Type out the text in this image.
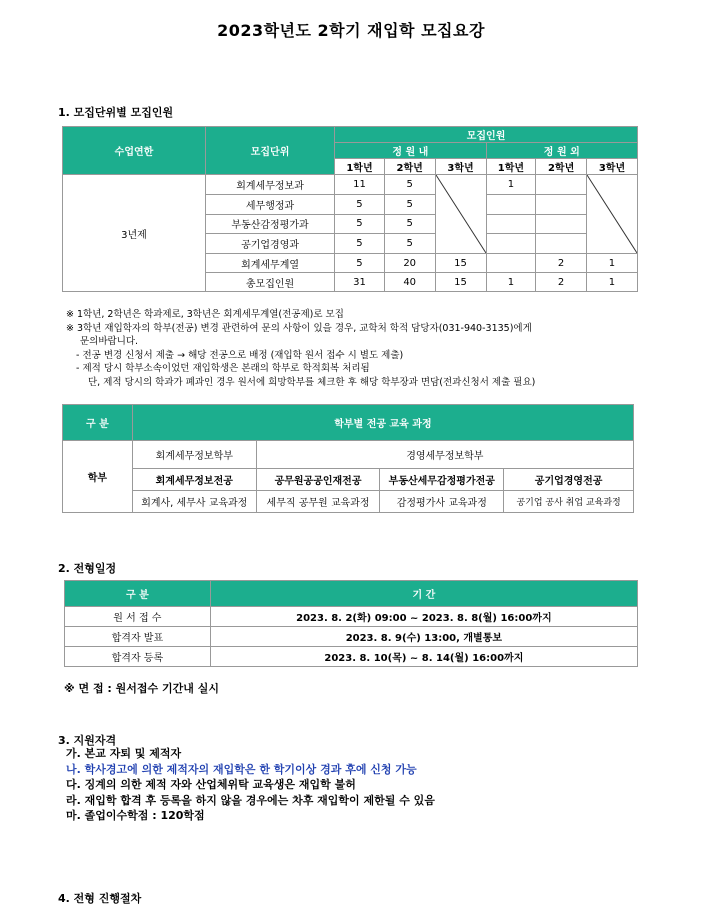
2023학년도 2학기 재입학 모집요강
1. 모집단위별 모집인원
수업연한	모집단위	모집인원					
		정 원 내			정 원 외		
		1학년	2학년	3학년	1학년	2학년	3학년
3년제	회계세무정보과	11	5		1		

	세무행정과	5	5				
	부동산감정평가과	5	5				
	공기업경영과	5	5				
	회계세무계열	5	20	15		2	1
	총모집인원	31	40	15	1	2	1
※ 1학년, 2학년은 학과제로, 3학년은 회계세무계열(전공제)로 모집
※ 3학년 재입학자의 학부(전공) 변경 관련하여 문의 사항이 있을 경우, 교학처 학적 담당자(031-940-3135)에게
문의바랍니다.
- 전공 변경 신청서 제출 → 해당 전공으로 배정 (재입학 원서 접수 시 별도 제출)
- 제적 당시 학부소속이었던 재입학생은 본래의 학부로 학적회복 처리됨
단, 제적 당시의 학과가 폐과인 경우 원서에 희망학부를 체크한 후 해당 학부장과 면담(전과신청서 제출 필요)
구 분	학부별 전공 교육 과정			
학부	회계세무정보학부	경영세무정보학부		
	회계세무정보전공	공무원공공인재전공	부동산세무감정평가전공	공기업경영전공
	회계사, 세무사 교육과정	세무직 공무원 교육과정	감정평가사 교육과정	공기업 공사 취업 교육과정
2. 전형일정
구 분	기 간
원 서 접 수	2023. 8. 2(화) 09:00 ~ 2023. 8. 8(월) 16:00까지
합격자 발표	2023. 8. 9(수) 13:00, 개별통보
합격자 등록	2023. 8. 10(목) ~ 8. 14(월) 16:00까지
※ 면 접 : 원서접수 기간내 실시
3. 지원자격
가. 본교 자퇴 및 제적자
나. 학사경고에 의한 제적자의 재입학은 한 학기이상 경과 후에 신청 가능
다. 징계의 의한 제적 자와 산업체위탁 교육생은 재입학 불허
라. 재입학 합격 후 등록을 하지 않을 경우에는 차후 재입학이 제한될 수 있음
마. 졸업이수학점 : 120학점
4. 전형 진행절차
